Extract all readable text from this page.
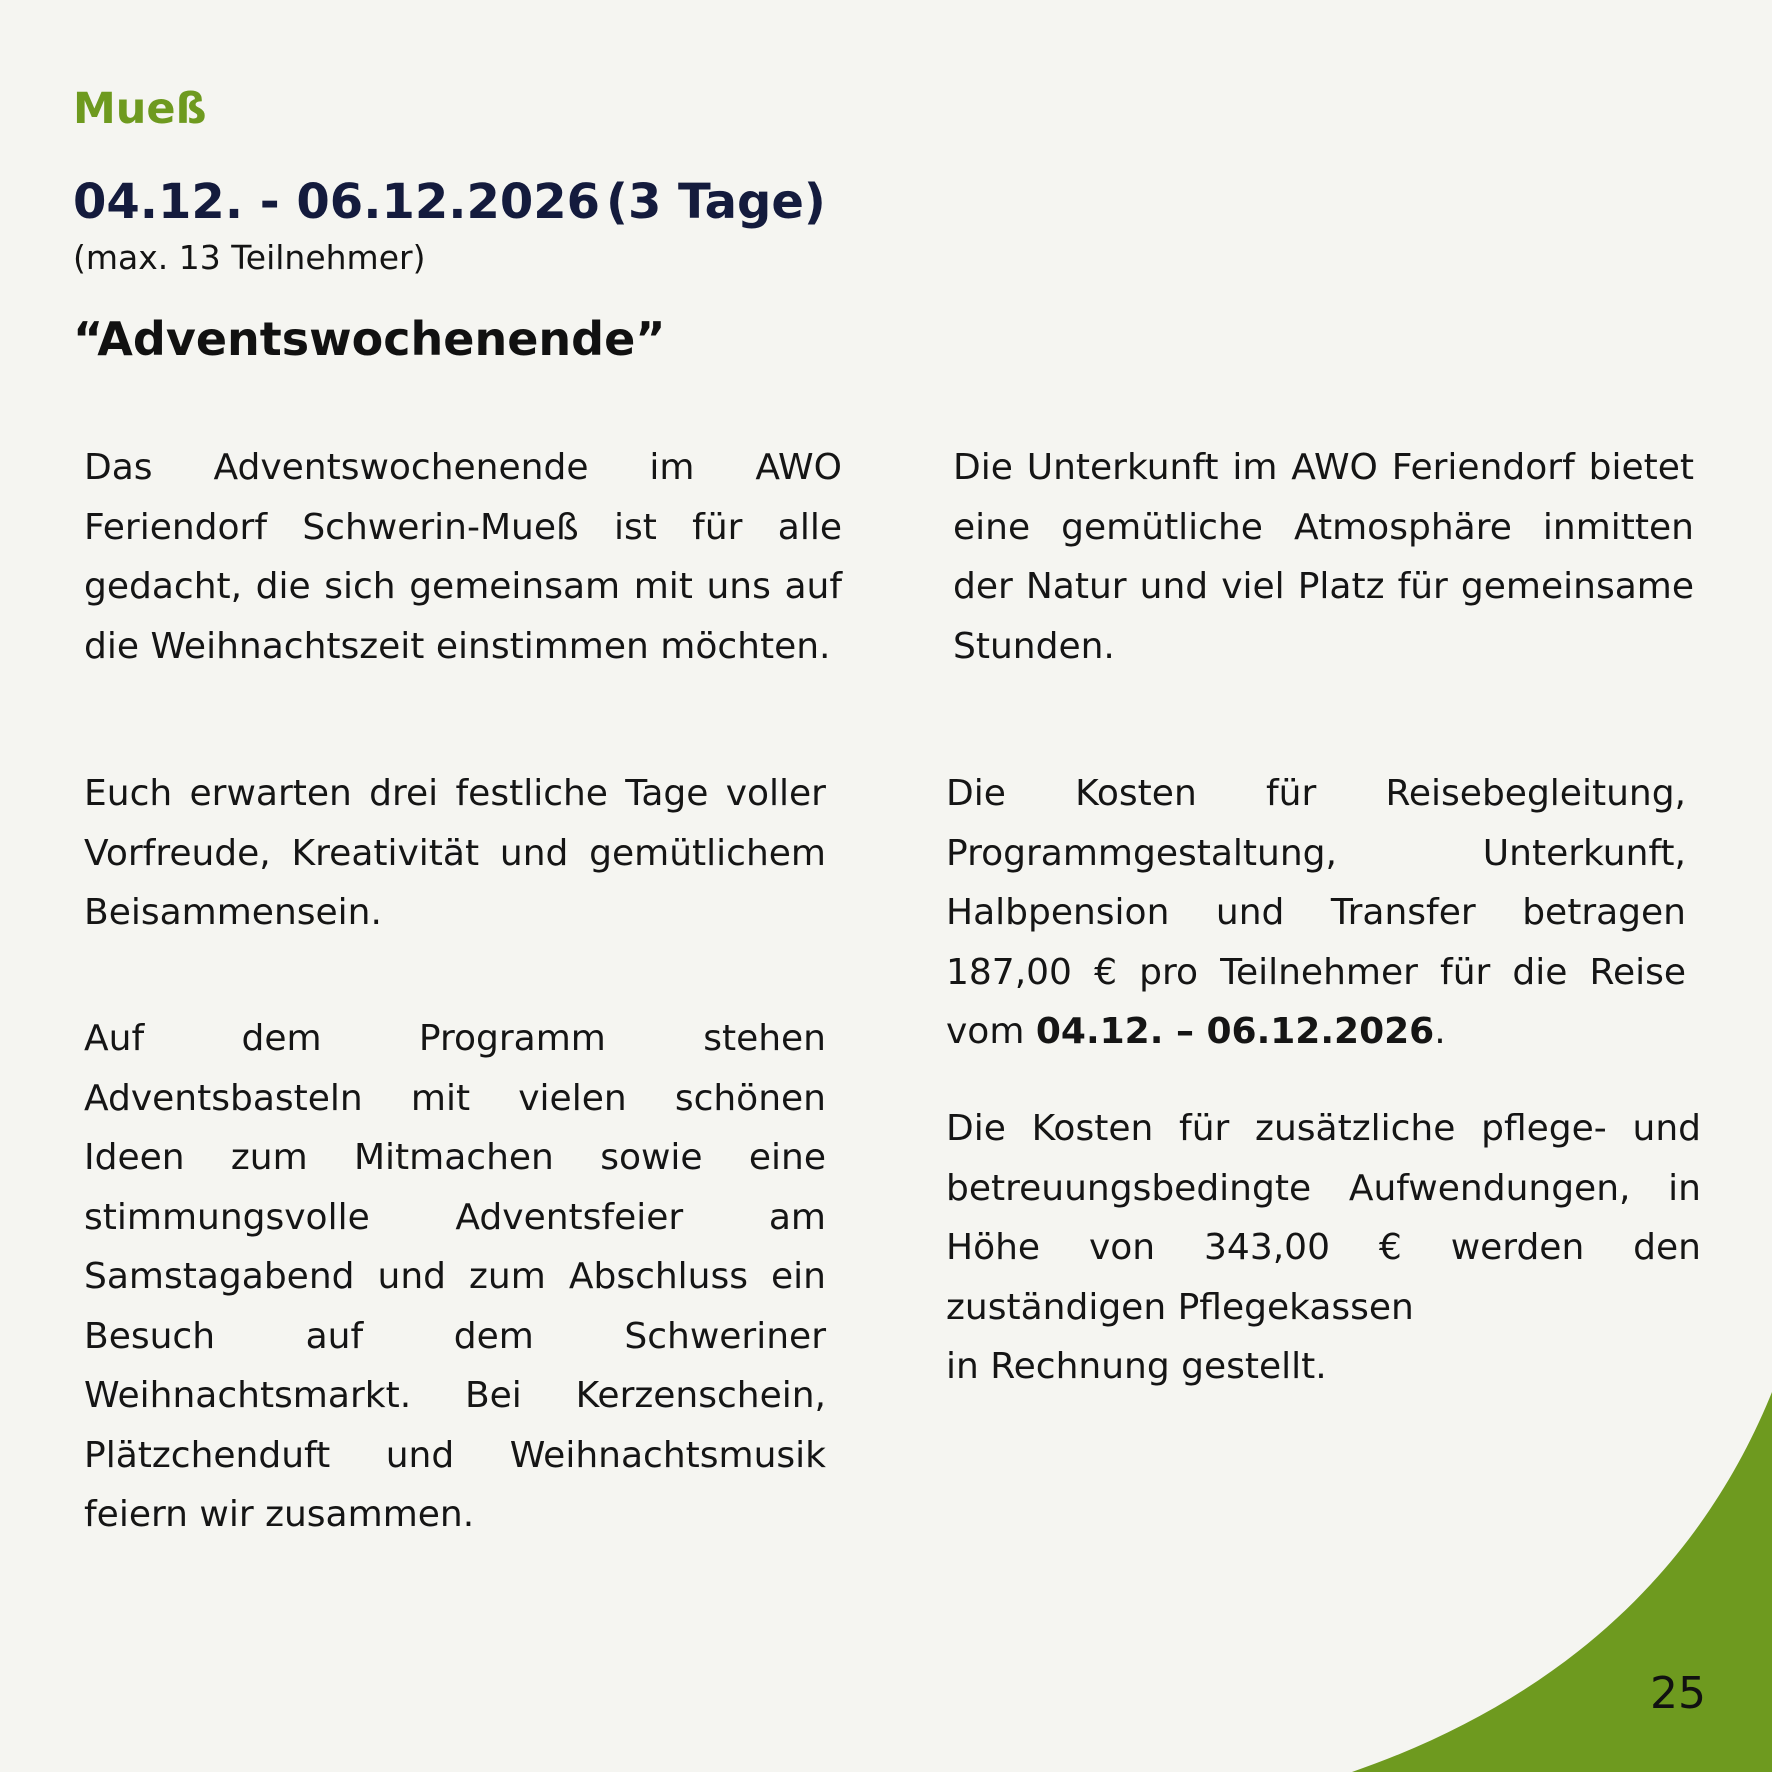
Mueß
04.12. - 06.12.2026 (3 Tage)
(max. 13 Teilnehmer)
“Adventswochenende”

Das Adventswochenende im AWO Feriendorf Schwerin-Mueß ist für alle gedacht, die sich gemeinsam mit uns auf die Weihnachtszeit einstimmen möchten.

Euch erwarten drei festliche Tage voller Vorfreude, Kreativität und gemütlichem Beisammensein.

Auf dem Programm stehen Adventsbasteln mit vielen schönen Ideen zum Mitmachen sowie eine stimmungsvolle Adventsfeier am Samstagabend und zum Abschluss ein Besuch auf dem Schweriner Weihnachtsmarkt. Bei Kerzenschein, Plätzchenduft und Weihnachtsmusik feiern wir zusammen.

Die Unterkunft im AWO Feriendorf bietet eine gemütliche Atmosphäre inmitten der Natur und viel Platz für gemeinsame Stunden.

Die Kosten für Reisebegleitung, Programmgestaltung, Unterkunft, Halbpension und Transfer betragen 187,00 € pro Teilnehmer für die Reise vom 04.12. – 06.12.2026.

Die Kosten für zusätzliche pflege- und betreuungsbedingte Aufwendungen, in Höhe von 343,00 € werden den zuständigen Pflegekassen
in Rechnung gestellt.

25
